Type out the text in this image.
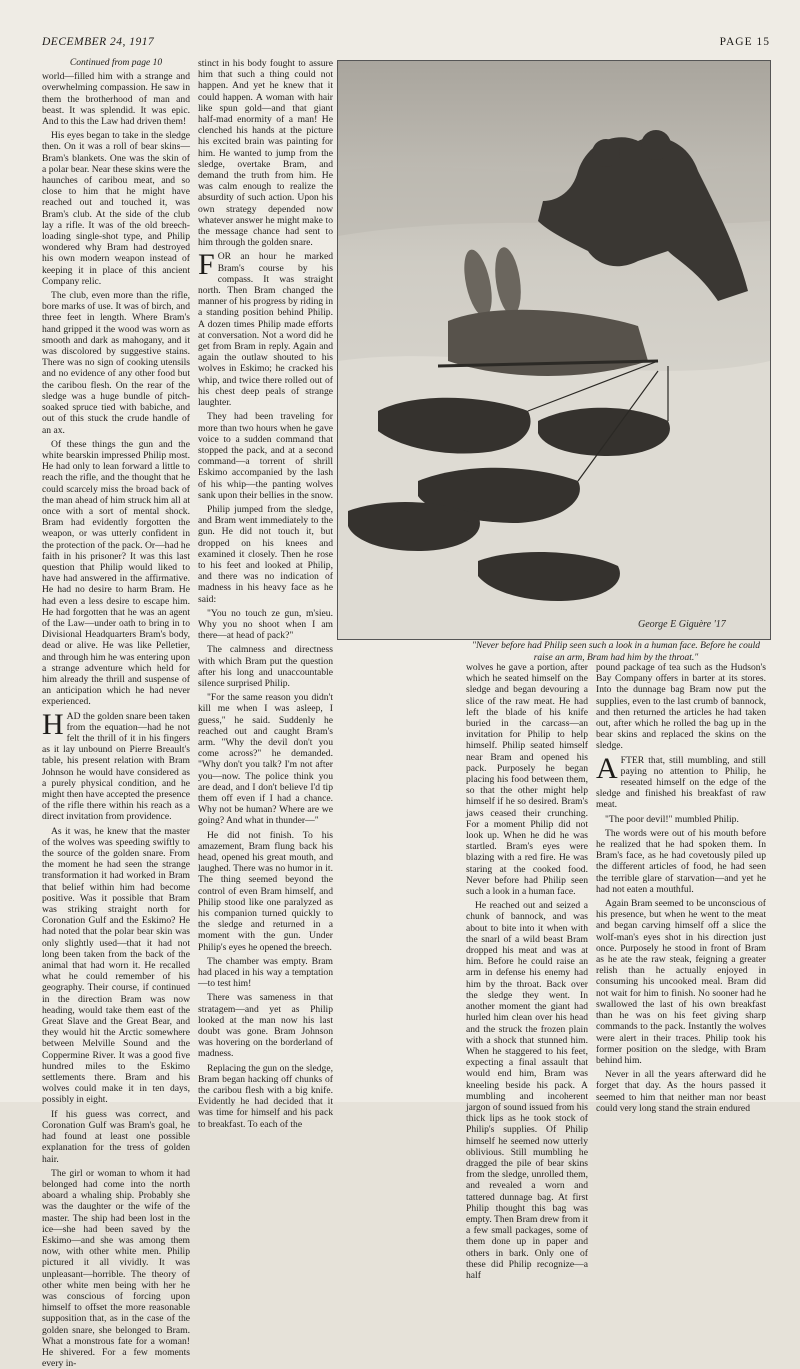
DECEMBER 24, 1917	PAGE 15
Continued from page 10

world—filled him with a strange and overwhelming compassion. He saw in them the brotherhood of man and beast. It was splendid. It was epic. And to this the Law had driven them!

His eyes began to take in the sledge then. On it was a roll of bear skins—Bram's blankets. One was the skin of a polar bear. Near these skins were the haunches of caribou meat, and so close to him that he might have reached out and touched it, was Bram's club. At the side of the club lay a rifle. It was of the old breech-loading single-shot type, and Philip wondered why Bram had destroyed his own modern weapon instead of keeping it in place of this ancient Company relic.

The club, even more than the rifle, bore marks of use. It was of birch, and three feet in length. Where Bram's hand gripped it the wood was worn as smooth and dark as mahogany, and it was discolored by suggestive stains. There was no sign of cooking utensils and no evidence of any other food but the caribou flesh. On the rear of the sledge was a huge bundle of pitch-soaked spruce tied with babiche, and out of this stuck the crude handle of an ax.

Of these things the gun and the white bearskin impressed Philip most. He had only to lean forward a little to reach the rifle, and the thought that he could scarcely miss the broad back of the man ahead of him struck him all at once with a sort of mental shock. Bram had evidently forgotten the weapon, or was utterly confident in the protection of the pack. Or—had he faith in his prisoner? It was this last question that Philip would liked to have had answered in the affirmative. He had no desire to harm Bram. He had even a less desire to escape him. He had forgotten that he was an agent of the Law—under oath to bring in to Divisional Headquarters Bram's body, dead or alive. He was like Pelletier, and through him he was entering upon a strange adventure which held for him already the thrill and suspense of an anticipation which he had never experienced.

HAD the golden snare been taken from the equation—had he not felt the thrill of it in his fingers as it lay unbound on Pierre Breault's table, his present relation with Bram Johnson he would have considered as a purely physical condition, and he might then have accepted the presence of the rifle there within his reach as a direct invitation from providence.

As it was, he knew that the master of the wolves was speeding swiftly to the source of the golden snare. From the moment he had seen the strange transformation it had worked in Bram that belief within him had become positive. Was it possible that Bram was striking straight north for Coronation Gulf and the Eskimo? He had noted that the polar bear skin was only slightly used—that it had not long been taken from the back of the animal that had worn it. He recalled what he could remember of his geography. Their course, if continued in the direction Bram was now heading, would take them east of the Great Slave and the Great Bear, and they would hit the Arctic somewhere between Melville Sound and the Coppermine River. It was a good five hundred miles to the Eskimo settlements there. Bram and his wolves could make it in ten days, possibly in eight.

If his guess was correct, and Coronation Gulf was Bram's goal, he had found at least one possible explanation for the tress of golden hair.

The girl or woman to whom it had belonged had come into the north aboard a whaling ship. Probably she was the daughter or the wife of the master. The ship had been lost in the ice—she had been saved by the Eskimo—and she was among them now, with other white men. Philip pictured it all vividly. It was unpleasant—horrible. The theory of other white men being with her he was conscious of forcing upon himself to offset the more reasonable supposition that, as in the case of the golden snare, she belonged to Bram. What a monstrous fate for a woman! He shivered. For a few moments every in-

stinct in his body fought to assure him that such a thing could not happen. And yet he knew that it could happen. A woman with hair like spun gold—and that giant half-mad enormity of a man! He clenched his hands at the picture his excited brain was painting for him. He wanted to jump from the sledge, overtake Bram, and demand the truth from him. He was calm enough to realize the absurdity of such action. Upon his own strategy depended now whatever answer he might make to the message chance had sent to him through the golden snare.

FOR an hour he marked Bram's course by his compass. It was straight north. Then Bram changed the manner of his progress by riding in a standing position behind Philip. A dozen times Philip made efforts at conversation. Not a word did he get from Bram in reply. Again and again the outlaw shouted to his wolves in Eskimo; he cracked his whip, and twice there rolled out of his chest deep peals of strange laughter.

They had been traveling for more than two hours when he gave voice to a sudden command that stopped the pack, and at a second command—a torrent of shrill Eskimo accompanied by the lash of his whip—the panting wolves sank upon their bellies in the snow.

Philip jumped from the sledge, and Bram went immediately to the gun. He did not touch it, but dropped on his knees and examined it closely. Then he rose to his feet and looked at Philip, and there was no indication of madness in his heavy face as he said:

"You no touch ze gun, m'sieu. Why you no shoot when I am there—at head of pack?"

The calmness and directness with which Bram put the question after his long and unaccountable silence surprised Philip.

"For the same reason you didn't kill me when I was asleep, I guess," he said. Suddenly he reached out and caught Bram's arm. "Why the devil don't you come across?" he demanded. "Why don't you talk? I'm not after you—now. The police think you are dead, and I don't believe I'd tip them off even if I had a chance. Why not be human? Where are we going? And what in thunder—"

He did not finish. To his amazement, Bram flung back his head, opened his great mouth, and laughed. There was no humor in it. The thing seemed beyond the control of even Bram himself, and Philip stood like one paralyzed as his companion turned quickly to the sledge and returned in a moment with the gun. Under Philip's eyes he opened the breech.

The chamber was empty. Bram had placed in his way a temptation—to test him!

There was sameness in that stratagem—and yet as Philip looked at the man now his last doubt was gone. Bram Johnson was hovering on the borderland of madness.

Replacing the gun on the sledge, Bram began hacking off chunks of the caribou flesh with a big knife. Evidently he had decided that it was time for himself and his pack to breakfast. To each of the

George E Giguère '17
"Never before had Philip seen such a look in a human face. Before he could raise an arm, Bram had him by the throat."

wolves he gave a portion, after which he seated himself on the sledge and began devouring a slice of the raw meat. He had left the blade of his knife buried in the carcass—an invitation for Philip to help himself. Philip seated himself near Bram and opened his pack. Purposely he began placing his food between them, so that the other might help himself if he so desired. Bram's jaws ceased their crunching. For a moment Philip did not look up. When he did he was startled. Bram's eyes were blazing with a red fire. He was staring at the cooked food. Never before had Philip seen such a look in a human face.

He reached out and seized a chunk of bannock, and was about to bite into it when with the snarl of a wild beast Bram dropped his meat and was at him. Before he could raise an arm in defense his enemy had him by the throat. Back over the sledge they went. In another moment the giant had hurled him clean over his head and the struck the frozen plain with a shock that stunned him. When he staggered to his feet, expecting a final assault that would end him, Bram was kneeling beside his pack. A mumbling and incoherent jargon of sound issued from his thick lips as he took stock of Philip's supplies. Of Philip himself he seemed now utterly oblivious. Still mumbling he dragged the pile of bear skins from the sledge, unrolled them, and revealed a worn and tattered dunnage bag. At first Philip thought this bag was empty. Then Bram drew from it a few small packages, some of them done up in paper and others in bark. Only one of these did Philip recognize—a half

pound package of tea such as the Hudson's Bay Company offers in barter at its stores. Into the dunnage bag Bram now put the supplies, even to the last crumb of bannock, and then returned the articles he had taken out, after which he rolled the bag up in the bear skins and replaced the skins on the sledge.

AFTER that, still mumbling, and still paying no attention to Philip, he reseated himself on the edge of the sledge and finished his breakfast of raw meat.

"The poor devil!" mumbled Philip.

The words were out of his mouth before he realized that he had spoken them. In Bram's face, as he had covetously piled up the different articles of food, he had seen the terrible glare of starvation—and yet he had not eaten a mouthful.

Again Bram seemed to be unconscious of his presence, but when he went to the meat and began carving himself off a slice the wolf-man's eyes shot in his direction just once. Purposely he stood in front of Bram as he ate the raw steak, feigning a greater relish than he actually enjoyed in consuming his uncooked meal. Bram did not wait for him to finish. No sooner had he swallowed the last of his own breakfast than he was on his feet giving sharp commands to the pack. Instantly the wolves were alert in their traces. Philip took his former position on the sledge, with Bram behind him.

Never in all the years afterward did he forget that day. As the hours passed it seemed to him that neither man nor beast could very long stand the strain endured
